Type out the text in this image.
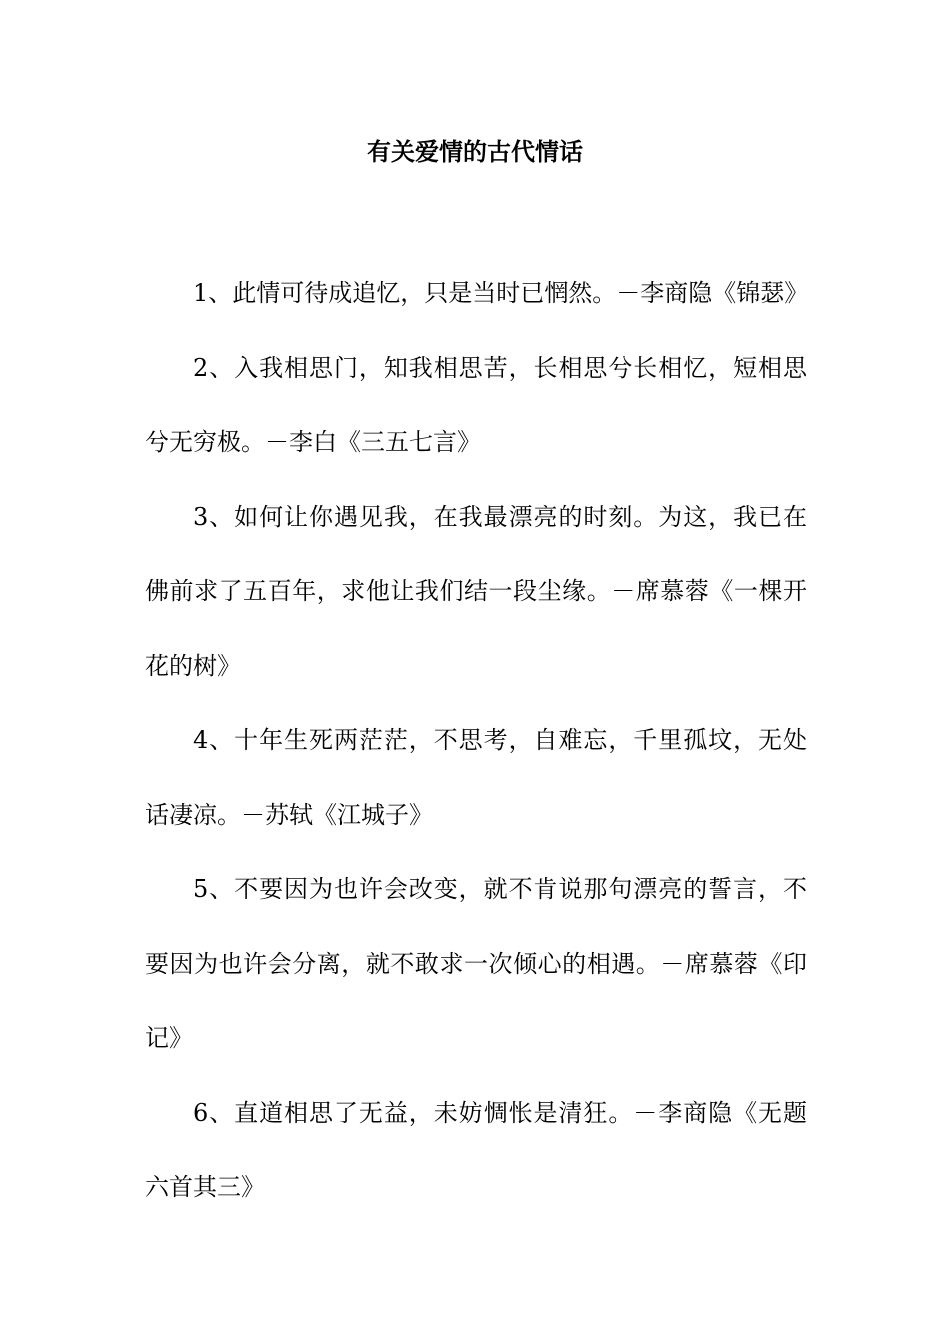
有关爱情的古代情话

1、此情可待成追忆，只是当时已惘然。－李商隐《锦瑟》

2、入我相思门，知我相思苦，长相思兮长相忆，短相思兮无穷极。－李白《三五七言》

3、如何让你遇见我，在我最漂亮的时刻。为这，我已在佛前求了五百年，求他让我们结一段尘缘。－席慕蓉《一棵开花的树》

4、十年生死两茫茫，不思考，自难忘，千里孤坟，无处话凄凉。－苏轼《江城子》

5、不要因为也许会改变，就不肯说那句漂亮的誓言，不要因为也许会分离，就不敢求一次倾心的相遇。－席慕蓉《印记》

6、直道相思了无益，未妨惆怅是清狂。－李商隐《无题六首其三》
